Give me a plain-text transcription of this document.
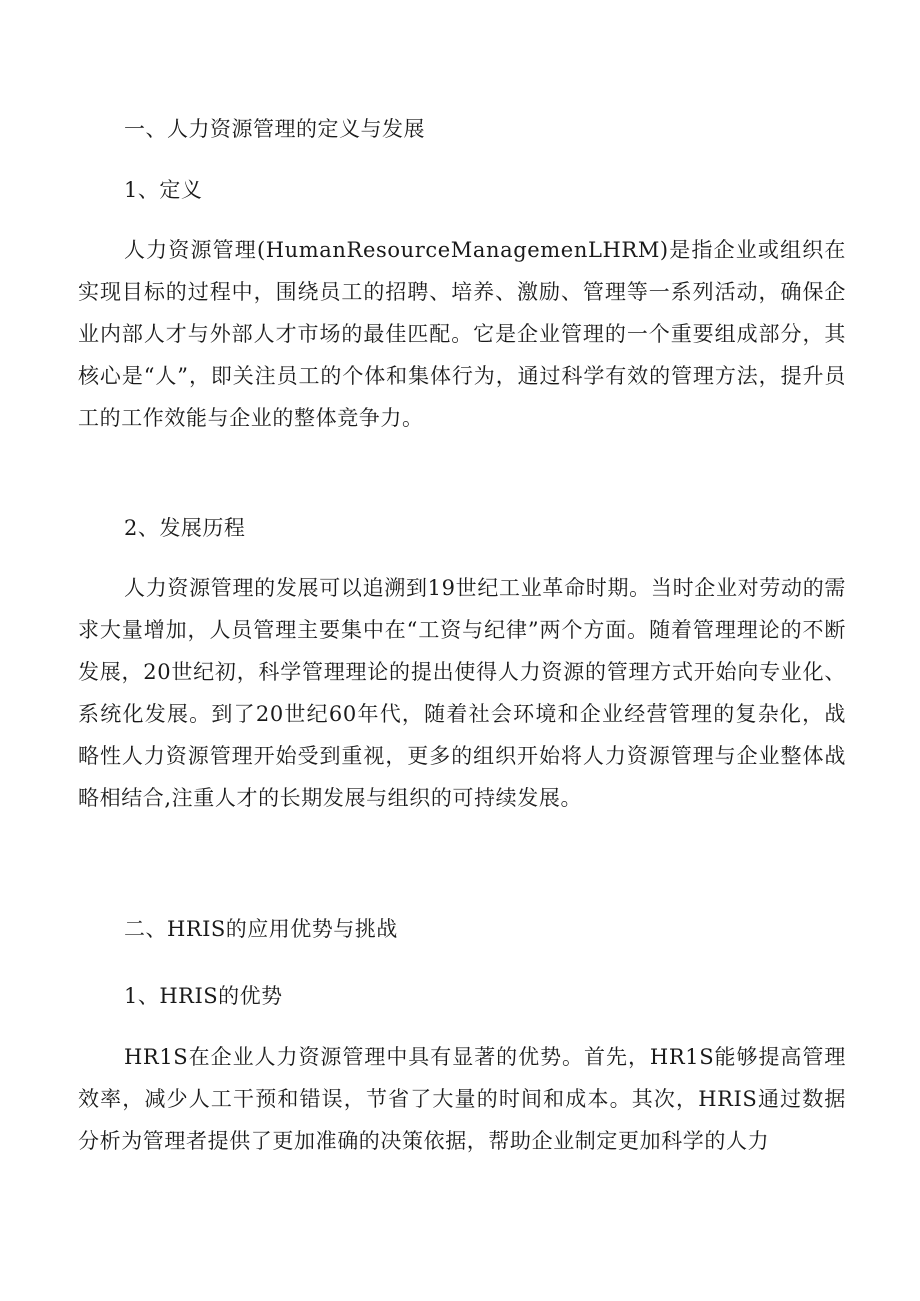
一、人力资源管理的定义与发展
1、定义

人力资源管理(HumanResourceManagemenLHRM)是指企业或组织在实现目标的过程中，围绕员工的招聘、培养、激励、管理等一系列活动，确保企业内部人才与外部人才市场的最佳匹配。它是企业管理的一个重要组成部分，其核心是“人”，即关注员工的个体和集体行为，通过科学有效的管理方法，提升员工的工作效能与企业的整体竞争力。

2、发展历程

人力资源管理的发展可以追溯到19世纪工业革命时期。当时企业对劳动的需求大量增加，人员管理主要集中在“工资与纪律”两个方面。随着管理理论的不断发展，20世纪初，科学管理理论的提出使得人力资源的管理方式开始向专业化、系统化发展。到了20世纪60年代，随着社会环境和企业经营管理的复杂化，战略性人力资源管理开始受到重视，更多的组织开始将人力资源管理与企业整体战略相结合,注重人才的长期发展与组织的可持续发展。

二、HRIS的应用优势与挑战
1、HRIS的优势

HR1S在企业人力资源管理中具有显著的优势。首先，HR1S能够提高管理效率，减少人工干预和错误，节省了大量的时间和成本。其次，HRIS通过数据分析为管理者提供了更加准确的决策依据，帮助企业制定更加科学的人力
